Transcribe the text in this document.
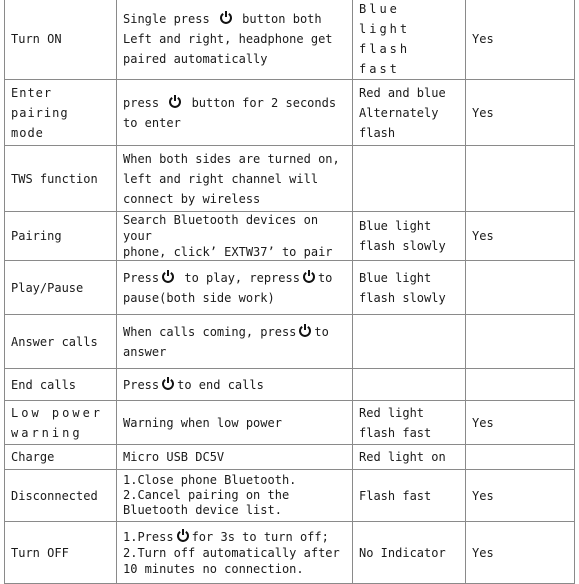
Turn ON	Single press
button both
Left and right, headphone get
paired automatically	Blue light
flash fast	Yes
Enter pairing
mode	press
button for 2 seconds
to enter	Red and blue
Alternately
flash	Yes
TWS function	When both sides are turned on,
left and right channel will
connect by wireless		
Pairing	Search Bluetooth devices on your
phone, click’ EXTW37’ to pair	Blue light
flash slowly	Yes
Play/Pause	Press
to play, repress to
pause(both side work)	Blue light
flash slowly	
Answer calls	When calls coming, press to
answer		
End calls	Press to end calls		
Low power
warning	Warning when low power	Red light
flash fast	Yes
Charge	Micro USB DC5V	Red light on	
Disconnected	1.Close phone Bluetooth.
2.Cancel pairing on the
Bluetooth device list.	Flash fast	Yes
Turn OFF	1.Press for 3s to turn off;
2.Turn off automatically after
10 minutes no connection.	No Indicator	Yes
